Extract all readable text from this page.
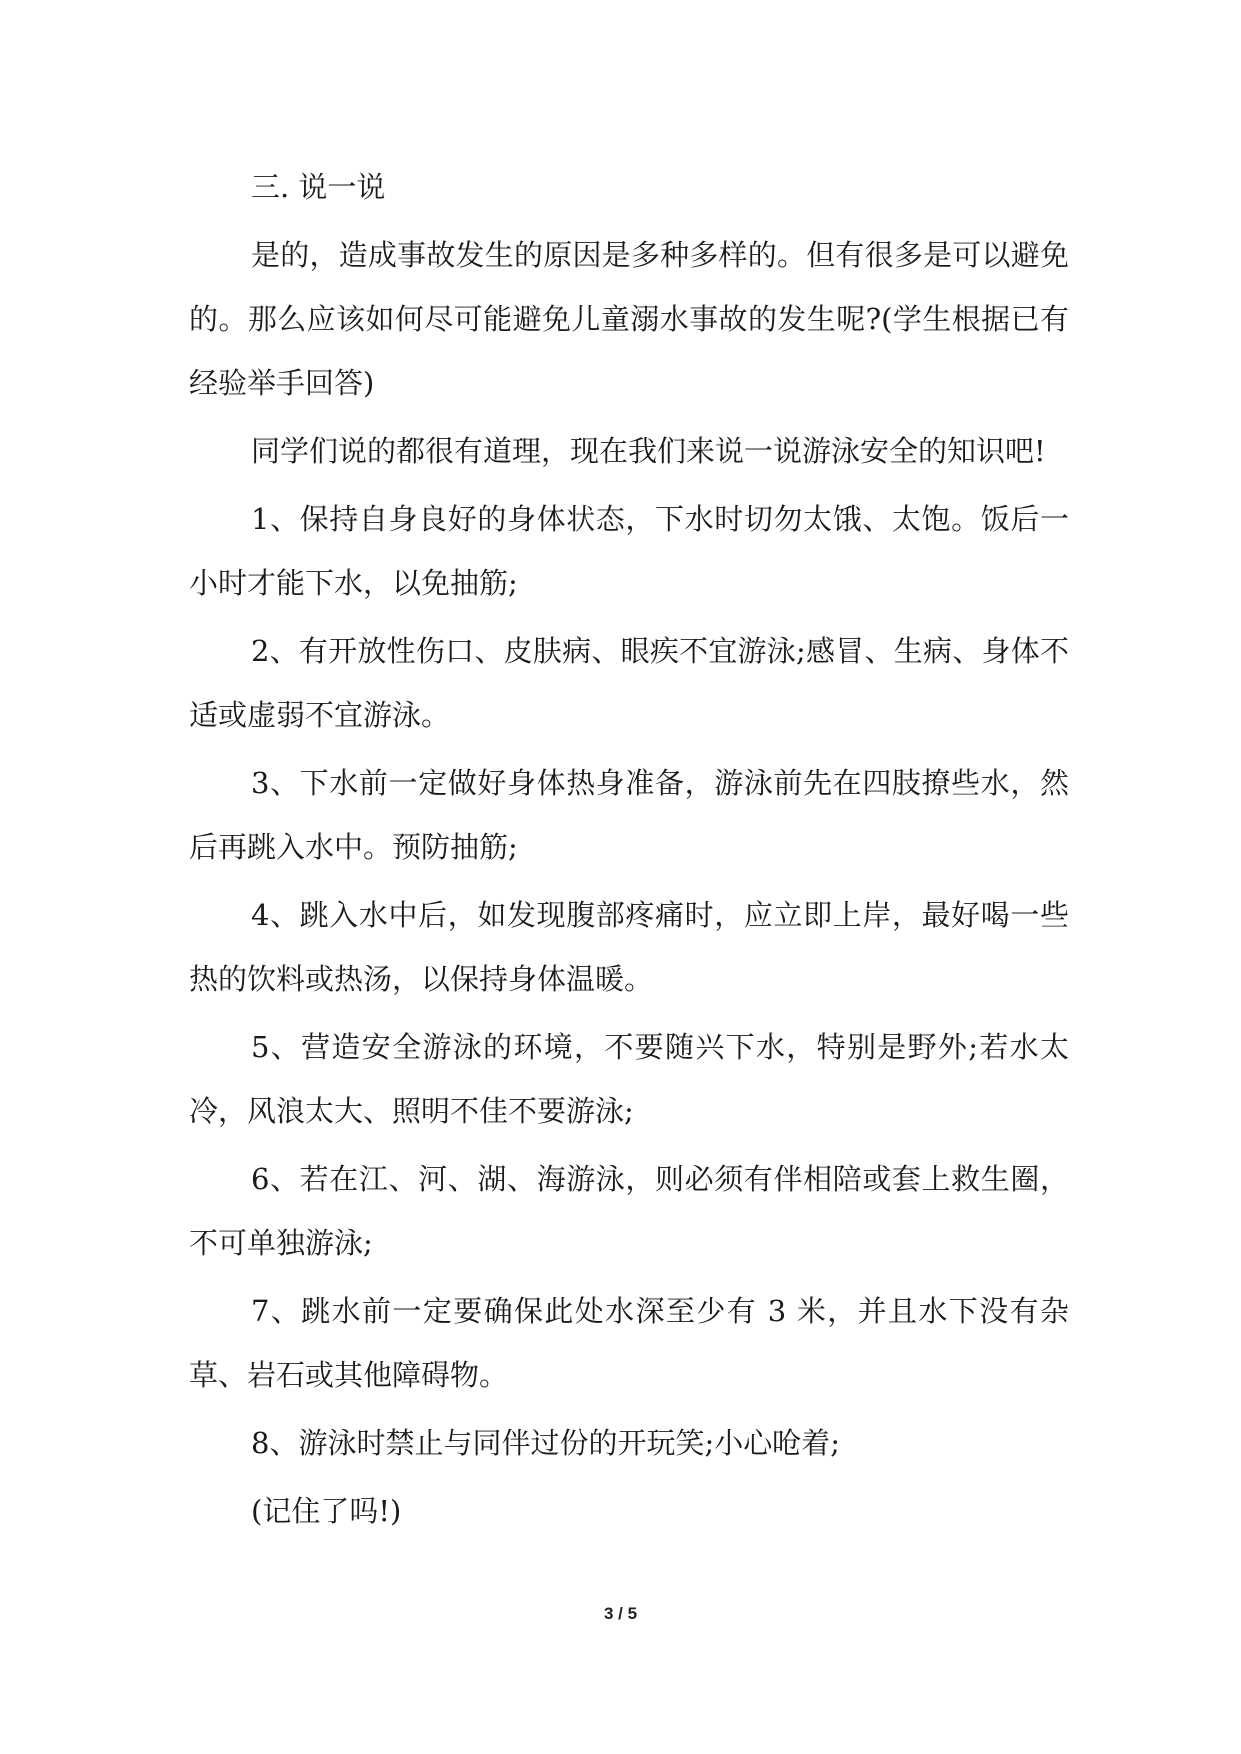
三. 说一说

是的，造成事故发生的原因是多种多样的。但有很多是可以避免的。那么应该如何尽可能避免儿童溺水事故的发生呢?(学生根据已有经验举手回答)

同学们说的都很有道理，现在我们来说一说游泳安全的知识吧!

1、保持自身良好的身体状态，下水时切勿太饿、太饱。饭后一小时才能下水，以免抽筋;

2、有开放性伤口、皮肤病、眼疾不宜游泳;感冒、生病、身体不适或虚弱不宜游泳。

3、下水前一定做好身体热身准备，游泳前先在四肢撩些水，然后再跳入水中。预防抽筋;

4、跳入水中后，如发现腹部疼痛时，应立即上岸，最好喝一些热的饮料或热汤，以保持身体温暖。

5、营造安全游泳的环境，不要随兴下水，特别是野外;若水太冷，风浪太大、照明不佳不要游泳;

6、若在江、河、湖、海游泳，则必须有伴相陪或套上救生圈，不可单独游泳;

7、跳水前一定要确保此处水深至少有 3 米，并且水下没有杂草、岩石或其他障碍物。

8、游泳时禁止与同伴过份的开玩笑;小心呛着;

(记住了吗!)

3 / 5
